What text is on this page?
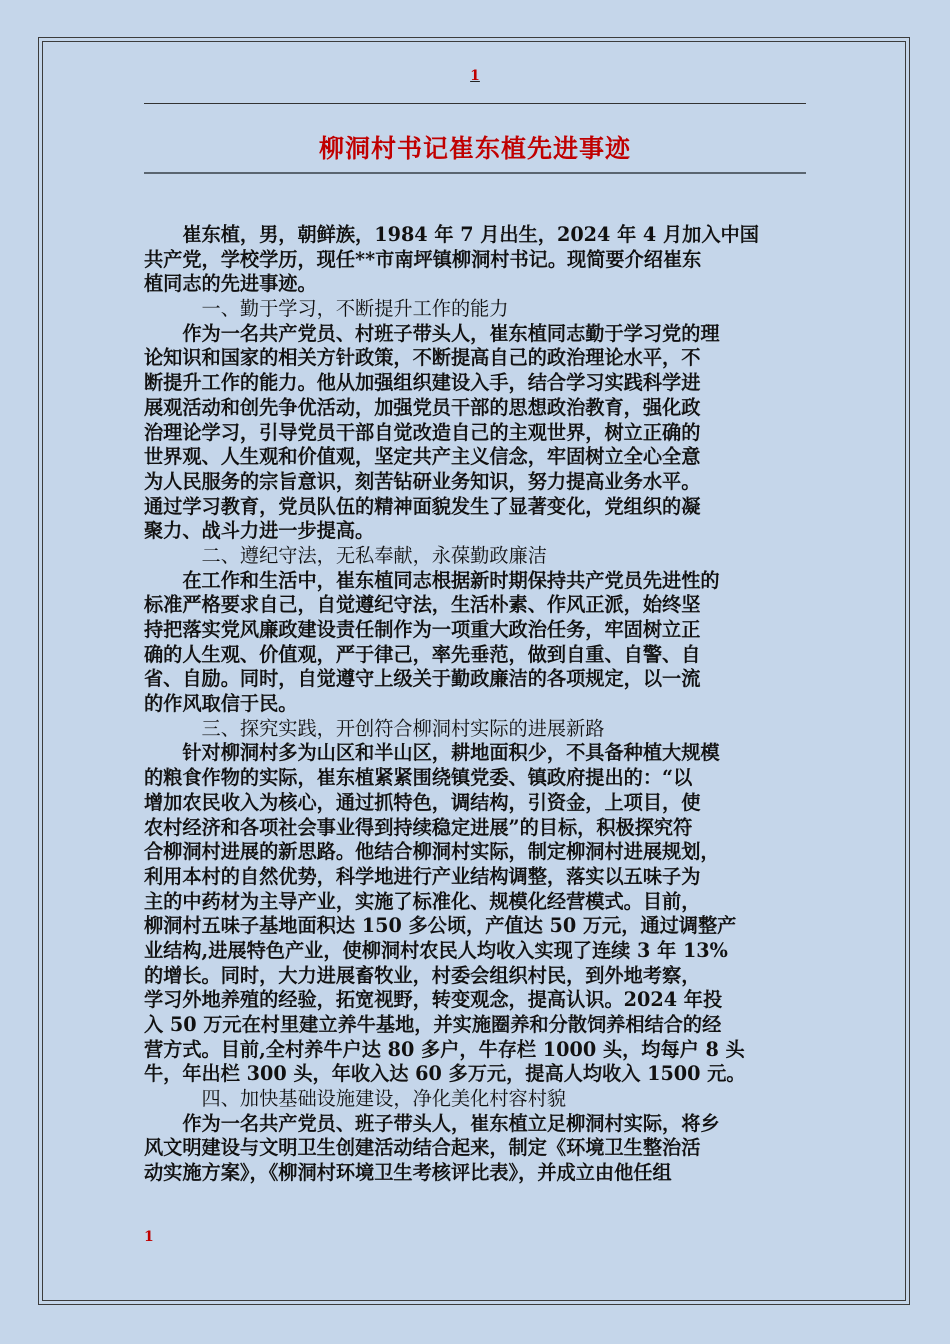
1
柳洞村书记崔东植先进事迹
　　崔东植，男，朝鲜族，1984 年 7 月出生，2024 年 4 月加入中国
共产党，学校学历，现任**市南坪镇柳洞村书记。现简要介绍崔东
植同志的先进事迹。
　　　一、勤于学习，不断提升工作的能力
　　作为一名共产党员、村班子带头人，崔东植同志勤于学习党的理
论知识和国家的相关方针政策，不断提高自己的政治理论水平，不
断提升工作的能力。他从加强组织建设入手，结合学习实践科学进
展观活动和创先争优活动，加强党员干部的思想政治教育，强化政
治理论学习，引导党员干部自觉改造自己的主观世界，树立正确的
世界观、人生观和价值观，坚定共产主义信念，牢固树立全心全意
为人民服务的宗旨意识，刻苦钻研业务知识，努力提高业务水平。
通过学习教育，党员队伍的精神面貌发生了显著变化，党组织的凝
聚力、战斗力进一步提高。
　　　二、遵纪守法，无私奉献，永葆勤政廉洁
　　在工作和生活中，崔东植同志根据新时期保持共产党员先进性的
标准严格要求自己，自觉遵纪守法，生活朴素、作风正派，始终坚
持把落实党风廉政建设责任制作为一项重大政治任务，牢固树立正
确的人生观、价值观，严于律己，率先垂范，做到自重、自警、自
省、自励。同时，自觉遵守上级关于勤政廉洁的各项规定，以一流
的作风取信于民。
　　　三、探究实践，开创符合柳洞村实际的进展新路
　　针对柳洞村多为山区和半山区，耕地面积少，不具备种植大规模
的粮食作物的实际，崔东植紧紧围绕镇党委、镇政府提出的：“以
增加农民收入为核心，通过抓特色，调结构，引资金，上项目，使
农村经济和各项社会事业得到持续稳定进展”的目标，积极探究符
合柳洞村进展的新思路。他结合柳洞村实际，制定柳洞村进展规划，
利用本村的自然优势，科学地进行产业结构调整，落实以五味子为
主的中药材为主导产业，实施了标准化、规模化经营模式。目前，
柳洞村五味子基地面积达 150 多公顷，产值达 50 万元，通过调整产
业结构,进展特色产业，使柳洞村农民人均收入实现了连续 3 年 13%
的增长。同时，大力进展畜牧业，村委会组织村民，到外地考察，
学习外地养殖的经验，拓宽视野，转变观念，提高认识。2024 年投
入 50 万元在村里建立养牛基地，并实施圈养和分散饲养相结合的经
营方式。目前,全村养牛户达 80 多户，牛存栏 1000 头，均每户 8 头
牛，年出栏 300 头，年收入达 60 多万元，提高人均收入 1500 元。
　　　四、加快基础设施建设，净化美化村容村貌
　　作为一名共产党员、班子带头人，崔东植立足柳洞村实际，将乡
风文明建设与文明卫生创建活动结合起来，制定《环境卫生整治活
动实施方案》，《柳洞村环境卫生考核评比表》，并成立由他任组
1
